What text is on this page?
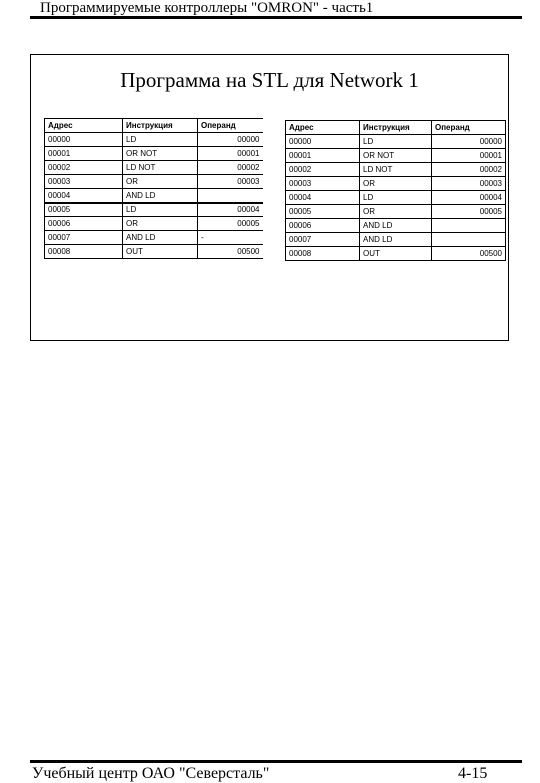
Программируемые контроллеры "OMRON" - часть1
Программа на STL для Network 1
Адрес	Инструкция	Операнд
00000	LD	00000
00001	OR NOT	00001
00002	LD NOT	00002
00003	OR	00003
00004	AND LD	
00005	LD	00004
00006	OR	00005
00007	AND LD	-
00008	OUT	00500
Адрес	Инструкция	Операнд
00000	LD	00000
00001	OR NOT	00001
00002	LD NOT	00002
00003	OR	00003
00004	LD	00004
00005	OR	00005
00006	AND LD	
00007	AND LD	
00008	OUT	00500
Учебный центр ОАО "Северсталь"	4-15
